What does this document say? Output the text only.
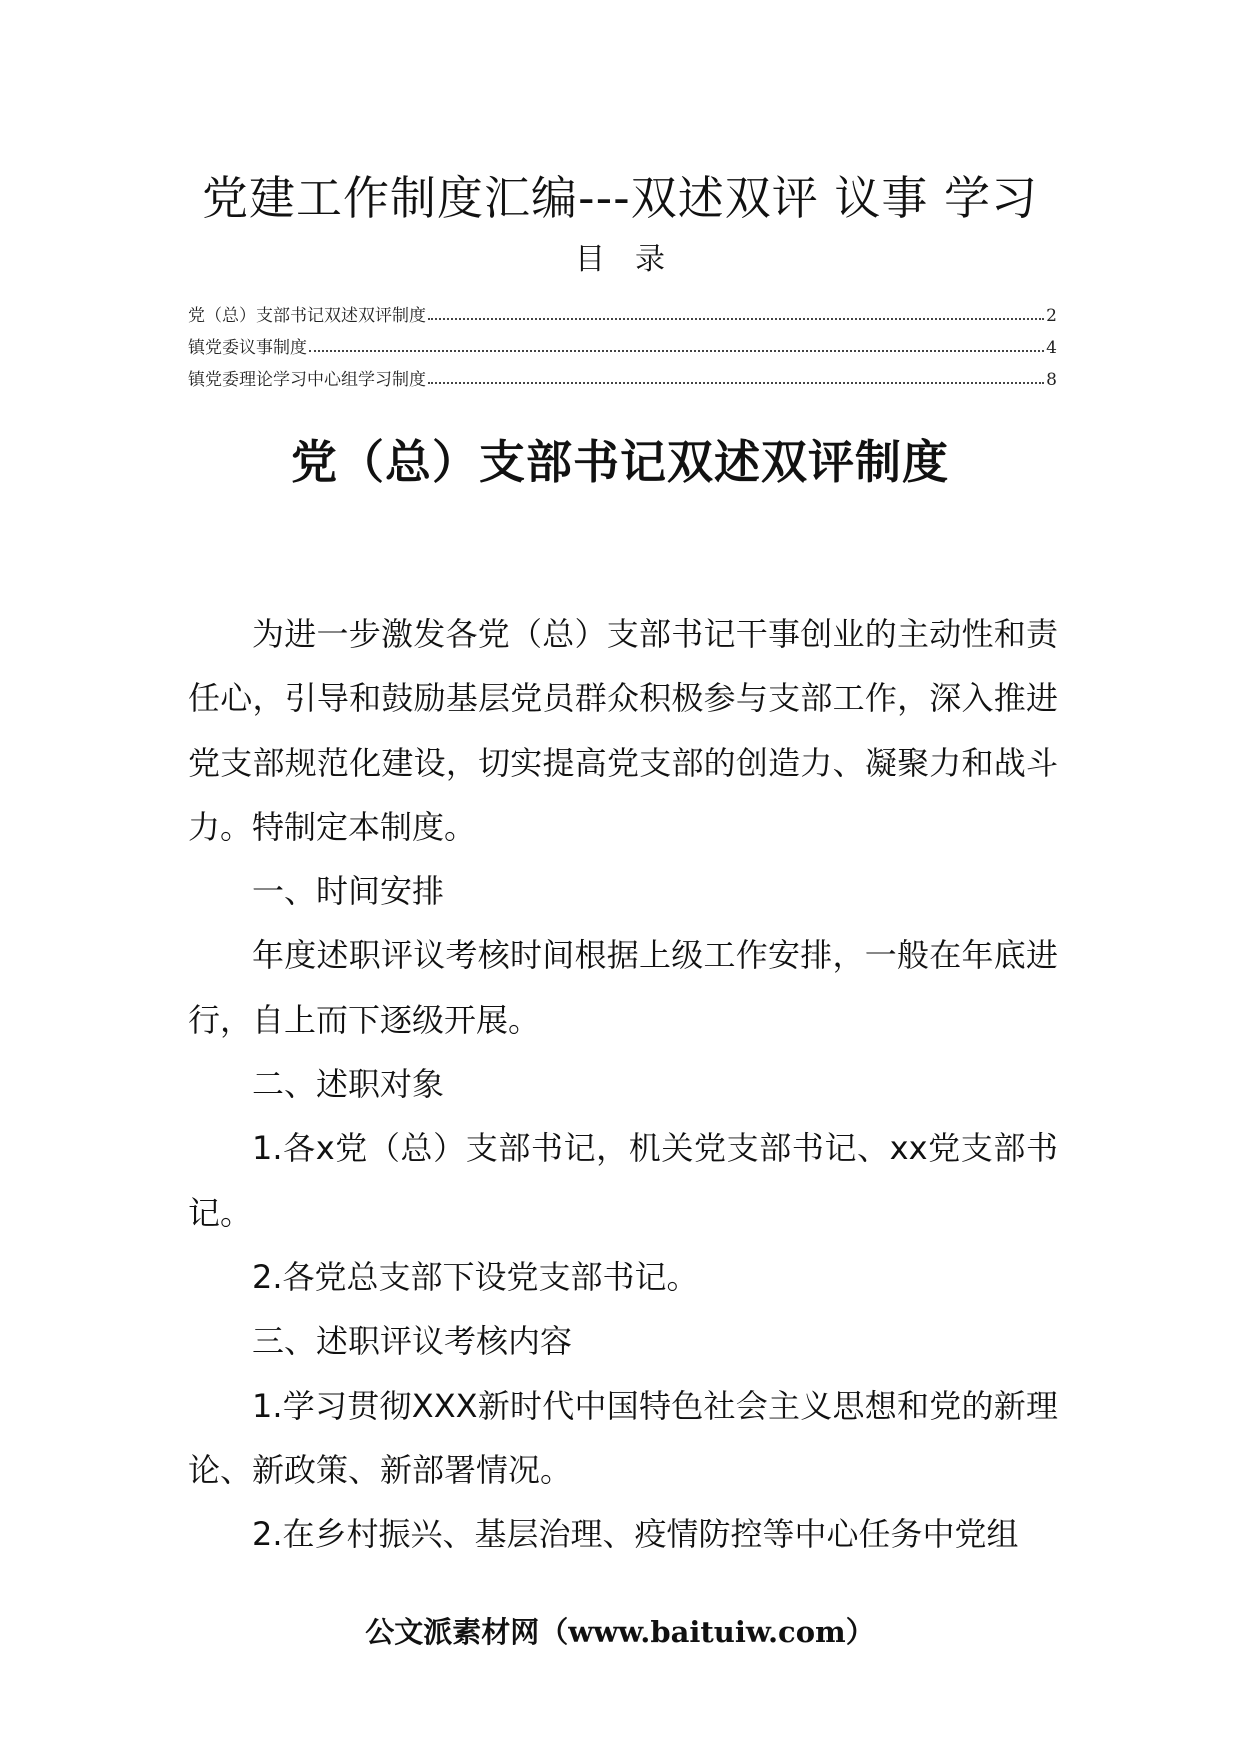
党建工作制度汇编---双述双评 议事 学习
目录
党（总）支部书记双述双评制度	2
镇党委议事制度	4
镇党委理论学习中心组学习制度	8
党（总）支部书记双述双评制度

为进一步激发各党（总）支部书记干事创业的主动性和责任心，引导和鼓励基层党员群众积极参与支部工作，深入推进党支部规范化建设，切实提高党支部的创造力、凝聚力和战斗力。特制定本制度。

一、时间安排

年度述职评议考核时间根据上级工作安排，一般在年底进行，自上而下逐级开展。

二、述职对象

1.各x党（总）支部书记，机关党支部书记、xx党支部书记。

2.各党总支部下设党支部书记。

三、述职评议考核内容

1.学习贯彻XXX新时代中国特色社会主义思想和党的新理论、新政策、新部署情况。

2.在乡村振兴、基层治理、疫情防控等中心任务中党组

公文派素材网（www.baituiw.com）
